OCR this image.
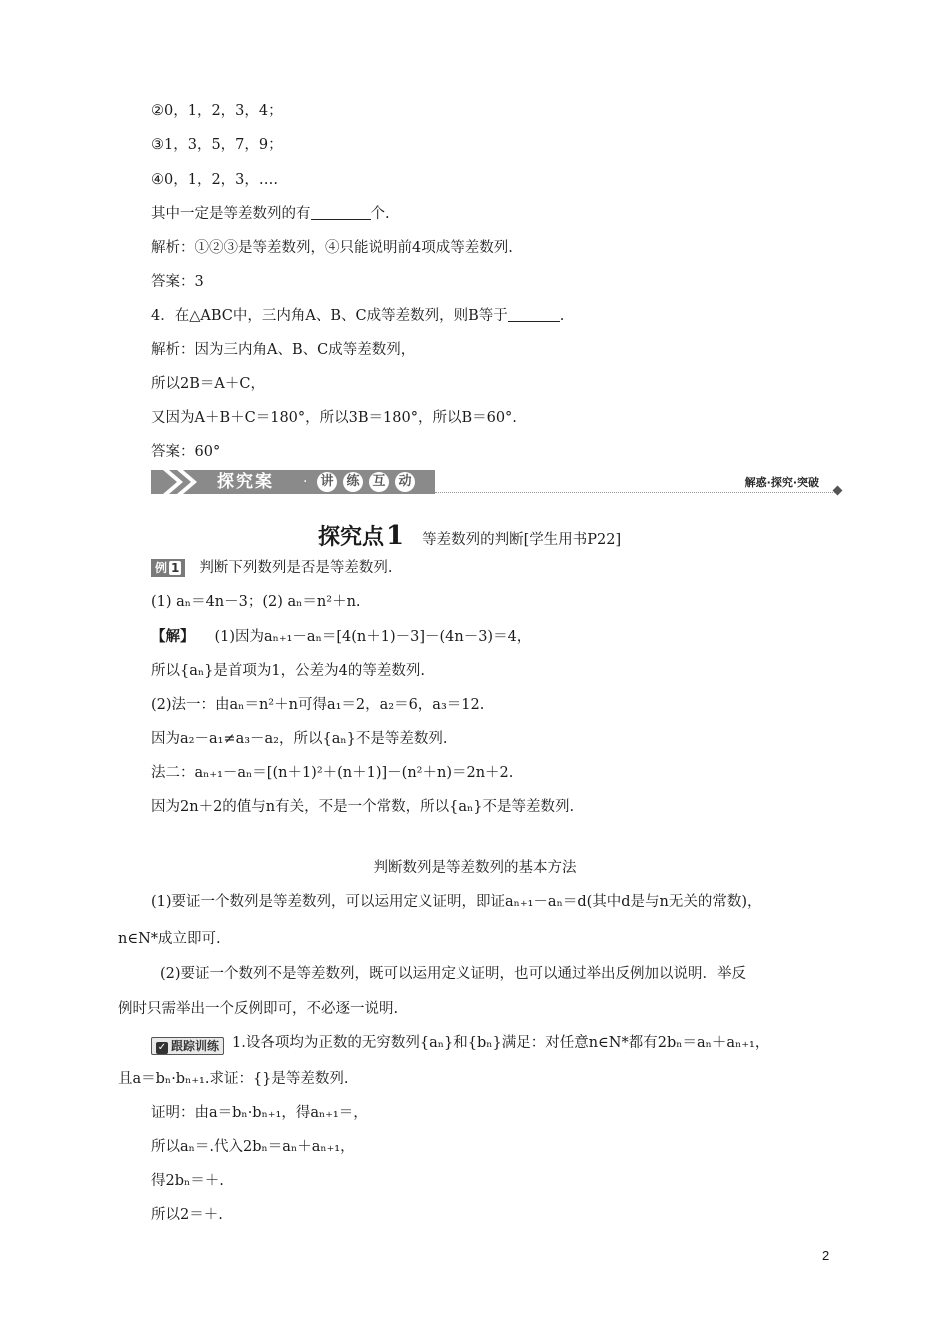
②0，1，2，3，4；
③1，3，5，7，9；
④0，1，2，3，….
其中一定是等差数列的有	个.
解析：①②③是等差数列，④只能说明前4项成等差数列.
答案：3
4．在△ABC中，三内角A、B、C成等差数列，则B等于	.
解析：因为三内角A、B、C成等差数列，
所以2B＝A＋C，
又因为A＋B＋C＝180°，所以3B＝180°，所以B＝60°.
答案：60°
探究案 · 讲 练 互 动	解惑·探究·突破
探究点1 等差数列的判断[学生用书P22]
例 1 判断下列数列是否是等差数列.
(1) aₙ＝4n－3；(2) aₙ＝n²＋n.
【解】 (1)因为aₙ₊₁－aₙ＝[4(n＋1)－3]－(4n－3)＝4，
所以{aₙ}是首项为1，公差为4的等差数列.
(2)法一：由aₙ＝n²＋n可得a₁＝2，a₂＝6，a₃＝12.
因为a₂－a₁≠a₃－a₂，所以{aₙ}不是等差数列.
法二：aₙ₊₁－aₙ＝[(n＋1)²＋(n＋1)]－(n²＋n)＝2n＋2.
因为2n＋2的值与n有关，不是一个常数，所以{aₙ}不是等差数列.
判断数列是等差数列的基本方法
(1)要证一个数列是等差数列，可以运用定义证明，即证aₙ₊₁－aₙ＝d(其中d是与n无关的常数)，
n∈N*成立即可.
(2)要证一个数列不是等差数列，既可以运用定义证明，也可以通过举出反例加以说明．举反
例时只需举出一个反例即可，不必逐一说明.
✓ 跟踪训练 1.设各项均为正数的无穷数列{aₙ}和{bₙ}满足：对任意n∈N*都有2bₙ＝aₙ＋aₙ₊₁，
且a＝bₙ·bₙ₊₁.求证：{}是等差数列.
证明：由a＝bₙ·bₙ₊₁，得aₙ₊₁＝，
所以aₙ＝.代入2bₙ＝aₙ＋aₙ₊₁，
得2bₙ＝＋.
所以2＝＋.
2
